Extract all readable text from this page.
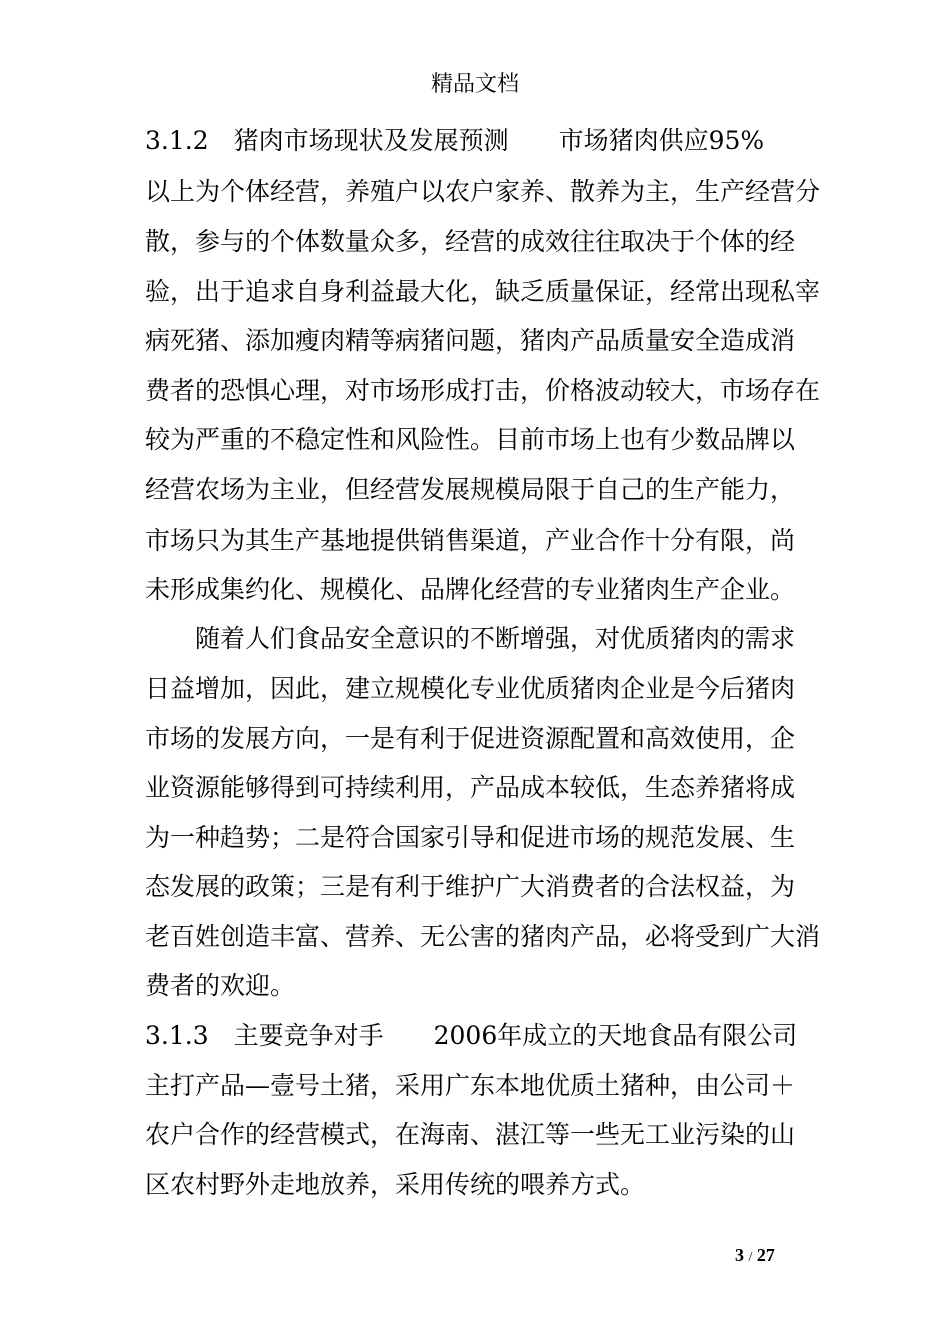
精品文档
3.1.2　猪肉市场现状及发展预测　　市场猪肉供应95%
以上为个体经营，养殖户以农户家养、散养为主，生产经营分
散，参与的个体数量众多，经营的成效往往取决于个体的经
验，出于追求自身利益最大化，缺乏质量保证，经常出现私宰
病死猪、添加瘦肉精等病猪问题，猪肉产品质量安全造成消
费者的恐惧心理，对市场形成打击，价格波动较大，市场存在
较为严重的不稳定性和风险性。目前市场上也有少数品牌以
经营农场为主业，但经营发展规模局限于自己的生产能力，
市场只为其生产基地提供销售渠道，产业合作十分有限，尚
未形成集约化、规模化、品牌化经营的专业猪肉生产企业。
　　随着人们食品安全意识的不断增强，对优质猪肉的需求
日益增加，因此，建立规模化专业优质猪肉企业是今后猪肉
市场的发展方向，一是有利于促进资源配置和高效使用，企
业资源能够得到可持续利用，产品成本较低，生态养猪将成
为一种趋势；二是符合国家引导和促进市场的规范发展、生
态发展的政策；三是有利于维护广大消费者的合法权益，为
老百姓创造丰富、营养、无公害的猪肉产品，必将受到广大消
费者的欢迎。
3.1.3　主要竞争对手　　2006年成立的天地食品有限公司
主打产品—壹号土猪，采用广东本地优质土猪种，由公司＋
农户合作的经营模式，在海南、湛江等一些无工业污染的山
区农村野外走地放养，采用传统的喂养方式。
3 / 27
